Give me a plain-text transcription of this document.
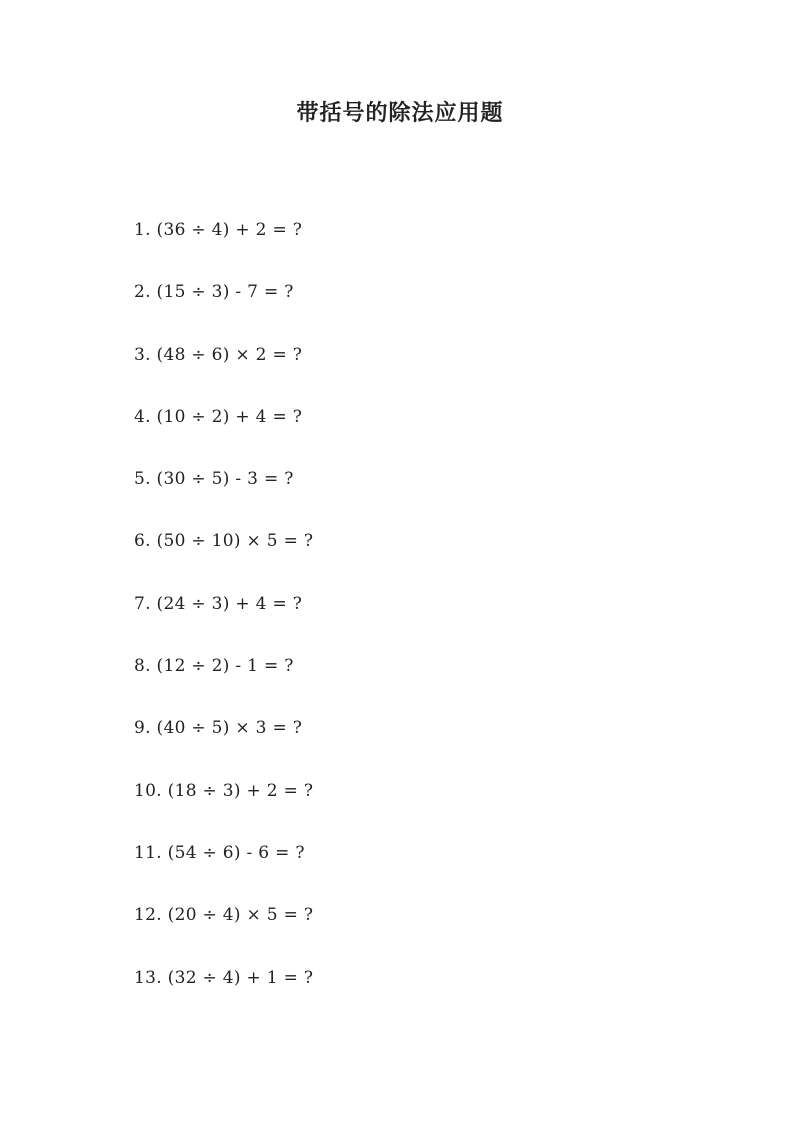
带括号的除法应用题
1. (36 ÷ 4) + 2 = ?
2. (15 ÷ 3) - 7 = ?
3. (48 ÷ 6) × 2 = ?
4. (10 ÷ 2) + 4 = ?
5. (30 ÷ 5) - 3 = ?
6. (50 ÷ 10) × 5 = ?
7. (24 ÷ 3) + 4 = ?
8. (12 ÷ 2) - 1 = ?
9. (40 ÷ 5) × 3 = ?
10. (18 ÷ 3) + 2 = ?
11. (54 ÷ 6) - 6 = ?
12. (20 ÷ 4) × 5 = ?
13. (32 ÷ 4) + 1 = ?
